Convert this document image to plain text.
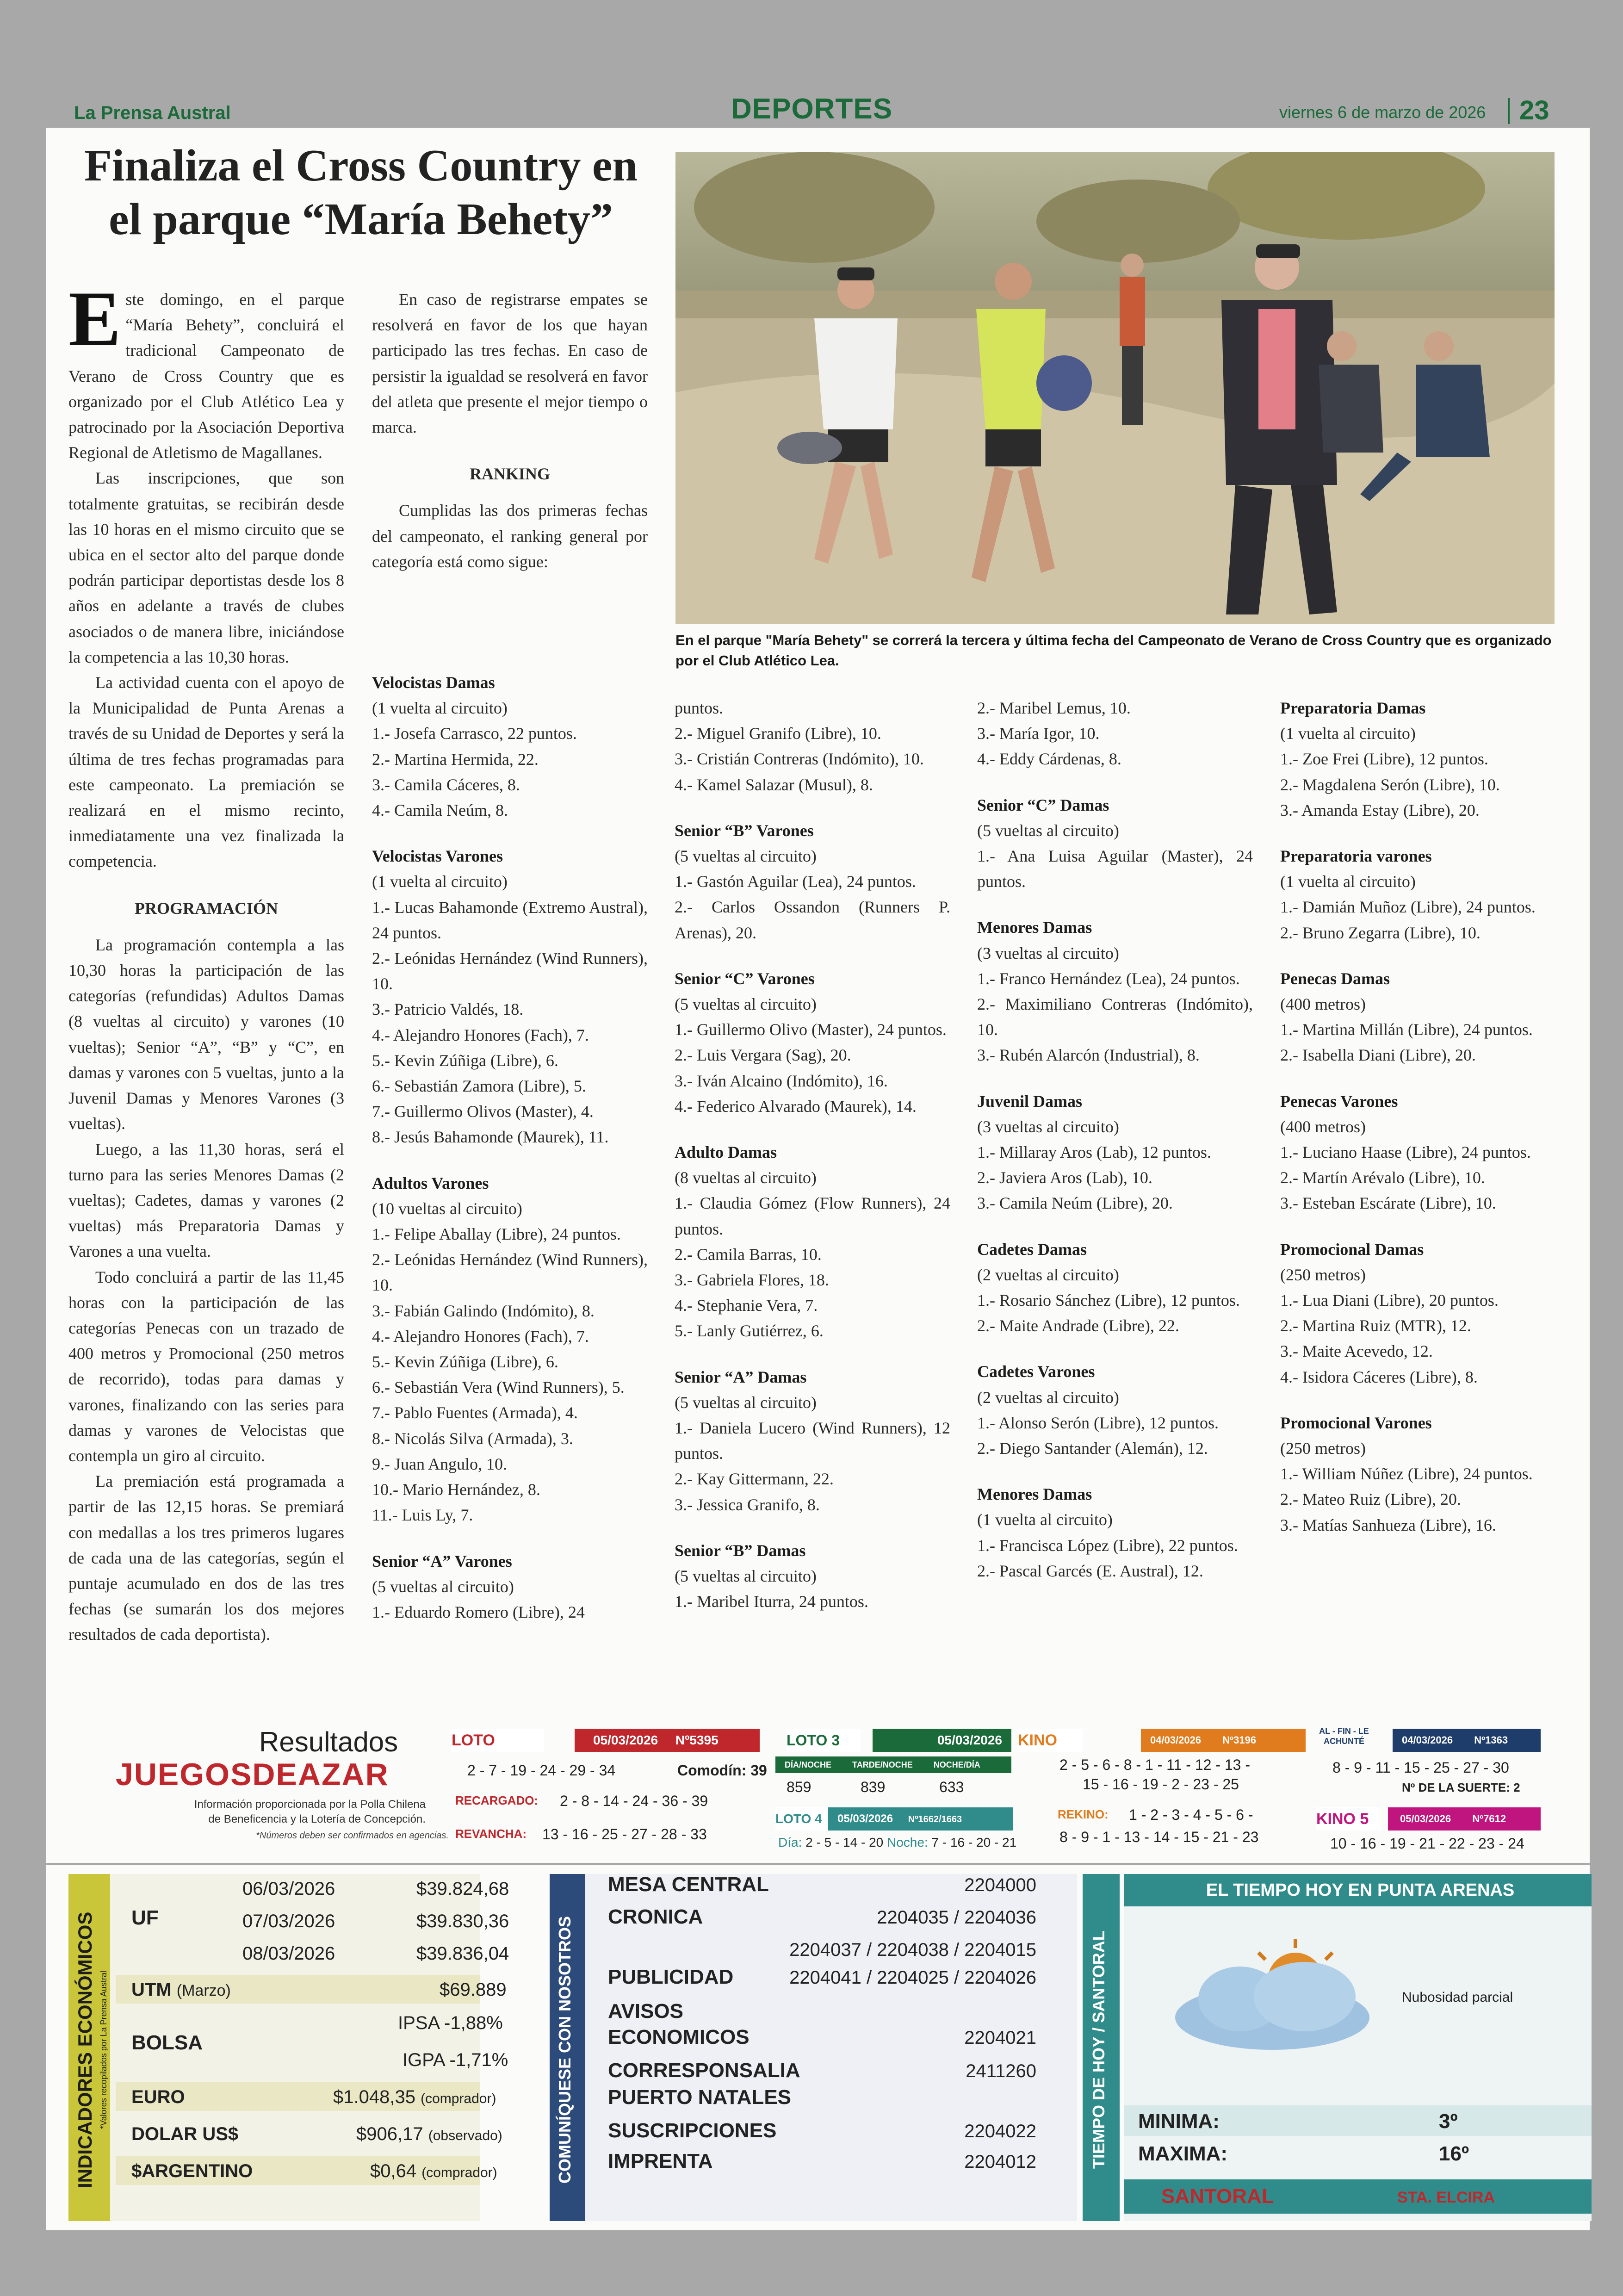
La Prensa Austral	DEPORTES	viernes 6 de marzo de 2026 23
Finaliza el Cross Country en
el parque “María Behety”

Este domingo, en el parque “María Behety”, concluirá el tradicional Campeonato de Verano de Cross Country que es organizado por el Club Atlético Lea y patrocinado por la Asociación Deportiva Regional de Atletismo de Magallanes.

Las inscripciones, que son totalmente gratuitas, se recibirán desde las 10 horas en el mismo circuito que se ubica en el sector alto del parque donde podrán participar deportistas desde los 8 años en adelante a través de clubes asociados o de manera libre, iniciándose la competencia a las 10,30 horas.

La actividad cuenta con el apoyo de la Municipalidad de Punta Arenas a través de su Unidad de Deportes y será la última de tres fechas programadas para este campeonato. La premiación se realizará en el mismo recinto, inmediatamente una vez finalizada la competencia.

PROGRAMACIÓN

La programación contempla a las 10,30 horas la participación de las categorías (refundidas) Adultos Damas (8 vueltas al circuito) y varones (10 vueltas); Senior “A”, “B” y “C”, en damas y varones con 5 vueltas, junto a la Juvenil Damas y Menores Varones (3 vueltas).

Luego, a las 11,30 horas, será el turno para las series Menores Damas (2 vueltas); Cadetes, damas y varones (2 vueltas) más Preparatoria Damas y Varones a una vuelta.

Todo concluirá a partir de las 11,45 horas con la participación de las categorías Penecas con un trazado de 400 metros y Promocional (250 metros de recorrido), todas para damas y varones, finalizando con las series para damas y varones de Velocistas que contempla un giro al circuito.

La premiación está programada a partir de las 12,15 horas. Se premiará con medallas a los tres primeros lugares de cada una de las categorías, según el puntaje acumulado en dos de las tres fechas (se sumarán los dos mejores resultados de cada deportista).

En caso de registrarse empates se resolverá en favor de los que hayan participado las tres fechas. En caso de persistir la igualdad se resolverá en favor del atleta que presente el mejor tiempo o marca.

RANKING

Cumplidas las dos primeras fechas del campeonato, el ranking general por categoría está como sigue:

En el parque "María Behety" se correrá la tercera y última fecha del Campeonato de Verano de Cross Country que es organizado por el Club Atlético Lea.
Velocistas Damas
(1 vuelta al circuito)
1.- Josefa Carrasco, 22 puntos.
2.- Martina Hermida, 22.
3.- Camila Cáceres, 8.
4.- Camila Neúm, 8.
Velocistas Varones
(1 vuelta al circuito)
1.- Lucas Bahamonde (Extremo Austral), 24 puntos.
2.- Leónidas Hernández (Wind Runners), 10.
3.- Patricio Valdés, 18.
4.- Alejandro Honores (Fach), 7.
5.- Kevin Zúñiga (Libre), 6.
6.- Sebastián Zamora (Libre), 5.
7.- Guillermo Olivos (Master), 4.
8.- Jesús Bahamonde (Maurek), 11.
Adultos Varones
(10 vueltas al circuito)
1.- Felipe Aballay (Libre), 24 puntos.
2.- Leónidas Hernández (Wind Runners), 10.
3.- Fabián Galindo (Indómito), 8.
4.- Alejandro Honores (Fach), 7.
5.- Kevin Zúñiga (Libre), 6.
6.- Sebastián Vera (Wind Runners), 5.
7.- Pablo Fuentes (Armada), 4.
8.- Nicolás Silva (Armada), 3.
9.- Juan Angulo, 10.
10.- Mario Hernández, 8.
11.- Luis Ly, 7.
Senior “A” Varones
(5 vueltas al circuito)
1.- Eduardo Romero (Libre), 24
puntos.
2.- Miguel Granifo (Libre), 10.
3.- Cristián Contreras (Indómito), 10.
4.- Kamel Salazar (Musul), 8.
Senior “B” Varones
(5 vueltas al circuito)
1.- Gastón Aguilar (Lea), 24 puntos.
2.- Carlos Ossandon (Runners P. Arenas), 20.
Senior “C” Varones
(5 vueltas al circuito)
1.- Guillermo Olivo (Master), 24 puntos.
2.- Luis Vergara (Sag), 20.
3.- Iván Alcaino (Indómito), 16.
4.- Federico Alvarado (Maurek), 14.
Adulto Damas
(8 vueltas al circuito)
1.- Claudia Gómez (Flow Runners), 24 puntos.
2.- Camila Barras, 10.
3.- Gabriela Flores, 18.
4.- Stephanie Vera, 7.
5.- Lanly Gutiérrez, 6.
Senior “A” Damas
(5 vueltas al circuito)
1.- Daniela Lucero (Wind Runners), 12 puntos.
2.- Kay Gittermann, 22.
3.- Jessica Granifo, 8.
Senior “B” Damas
(5 vueltas al circuito)
1.- Maribel Iturra, 24 puntos.
2.- Maribel Lemus, 10.
3.- María Igor, 10.
4.- Eddy Cárdenas, 8.
Senior “C” Damas
(5 vueltas al circuito)
1.- Ana Luisa Aguilar (Master), 24 puntos.
Menores Damas
(3 vueltas al circuito)
1.- Franco Hernández (Lea), 24 puntos.
2.- Maximiliano Contreras (Indómito), 10.
3.- Rubén Alarcón (Industrial), 8.
Juvenil Damas
(3 vueltas al circuito)
1.- Millaray Aros (Lab), 12 puntos.
2.- Javiera Aros (Lab), 10.
3.- Camila Neúm (Libre), 20.
Cadetes Damas
(2 vueltas al circuito)
1.- Rosario Sánchez (Libre), 12 puntos.
2.- Maite Andrade (Libre), 22.
Cadetes Varones
(2 vueltas al circuito)
1.- Alonso Serón (Libre), 12 puntos.
2.- Diego Santander (Alemán), 12.
Menores Damas
(1 vuelta al circuito)
1.- Francisca López (Libre), 22 puntos.
2.- Pascal Garcés (E. Austral), 12.
Preparatoria Damas
(1 vuelta al circuito)
1.- Zoe Frei (Libre), 12 puntos.
2.- Magdalena Serón (Libre), 10.
3.- Amanda Estay (Libre), 20.
Preparatoria varones
(1 vuelta al circuito)
1.- Damián Muñoz (Libre), 24 puntos.
2.- Bruno Zegarra (Libre), 10.
Penecas Damas
(400 metros)
1.- Martina Millán (Libre), 24 puntos.
2.- Isabella Diani (Libre), 20.
Penecas Varones
(400 metros)
1.- Luciano Haase (Libre), 24 puntos.
2.- Martín Arévalo (Libre), 10.
3.- Esteban Escárate (Libre), 10.
Promocional Damas
(250 metros)
1.- Lua Diani (Libre), 20 puntos.
2.- Martina Ruiz (MTR), 12.
3.- Maite Acevedo, 12.
4.- Isidora Cáceres (Libre), 8.
Promocional Varones
(250 metros)
1.- William Núñez (Libre), 24 puntos.
2.- Mateo Ruiz (Libre), 20.
3.- Matías Sanhueza (Libre), 16.
Resultados
JUEGOSDEAZAR
Información proporcionada por la Polla Chilena
de Beneficencia y la Lotería de Concepción.
*Números deben ser confirmados en agencias.
LOTO	05/03/2026 Nº5395
2 - 7 - 19 - 24 - 29 - 34	Comodín: 39
RECARGADO: 2 - 8 - 14 - 24 - 36 - 39
REVANCHA: 13 - 16 - 25 - 27 - 28 - 33
LOTO 3	05/03/2026
DÍA/NOCHE	TARDE/NOCHE	NOCHE/DÍA
859	839	633
LOTO 4	05/03/2026 Nº1662/1663
Día: 2 - 5 - 14 - 20 Noche: 7 - 16 - 20 - 21
KINO	04/03/2026 Nº3196
2 - 5 - 6 - 8 - 1 - 11 - 12 - 13 -
15 - 16 - 19 - 2 - 23 - 25
REKINO: 1 - 2 - 3 - 4 - 5 - 6 -
8 - 9 - 1 - 13 - 14 - 15 - 21 - 23
AL - FIN - LE
ACHUNTÉ	04/03/2026 Nº1363
8 - 9 - 11 - 15 - 25 - 27 - 30
Nº DE LA SUERTE: 2
KINO 5	05/03/2026 Nº7612
10 - 16 - 19 - 21 - 22 - 23 - 24
INDICADORES ECONÓMICOS *Valores recopilados por La Prensa Austral
UF
06/03/2026	$39.824,68
07/03/2026	$39.830,36
08/03/2026	$39.836,04
UTM (Marzo)	$69.889
BOLSA
IPSA -1,88%
IGPA -1,71%
EURO	$1.048,35 (comprador)
DOLAR US$	$906,17 (observado)
$ARGENTINO	$0,64 (comprador)	COMUNÍQUESE CON NOSOTROS
MESA CENTRAL	2204000
CRONICA	2204035 / 2204036
2204037 / 2204038 / 2204015
PUBLICIDAD	2204041 / 2204025 / 2204026
AVISOS
ECONOMICOS	2204021
CORRESPONSALIA	2411260
PUERTO NATALES
SUSCRIPCIONES	2204022
IMPRENTA	2204012	TIEMPO DE HOY / SANTORAL
EL TIEMPO HOY EN PUNTA ARENAS
Nubosidad parcial
MINIMA:	3º
MAXIMA:	16º
SANTORAL	STA. ELCIRA
